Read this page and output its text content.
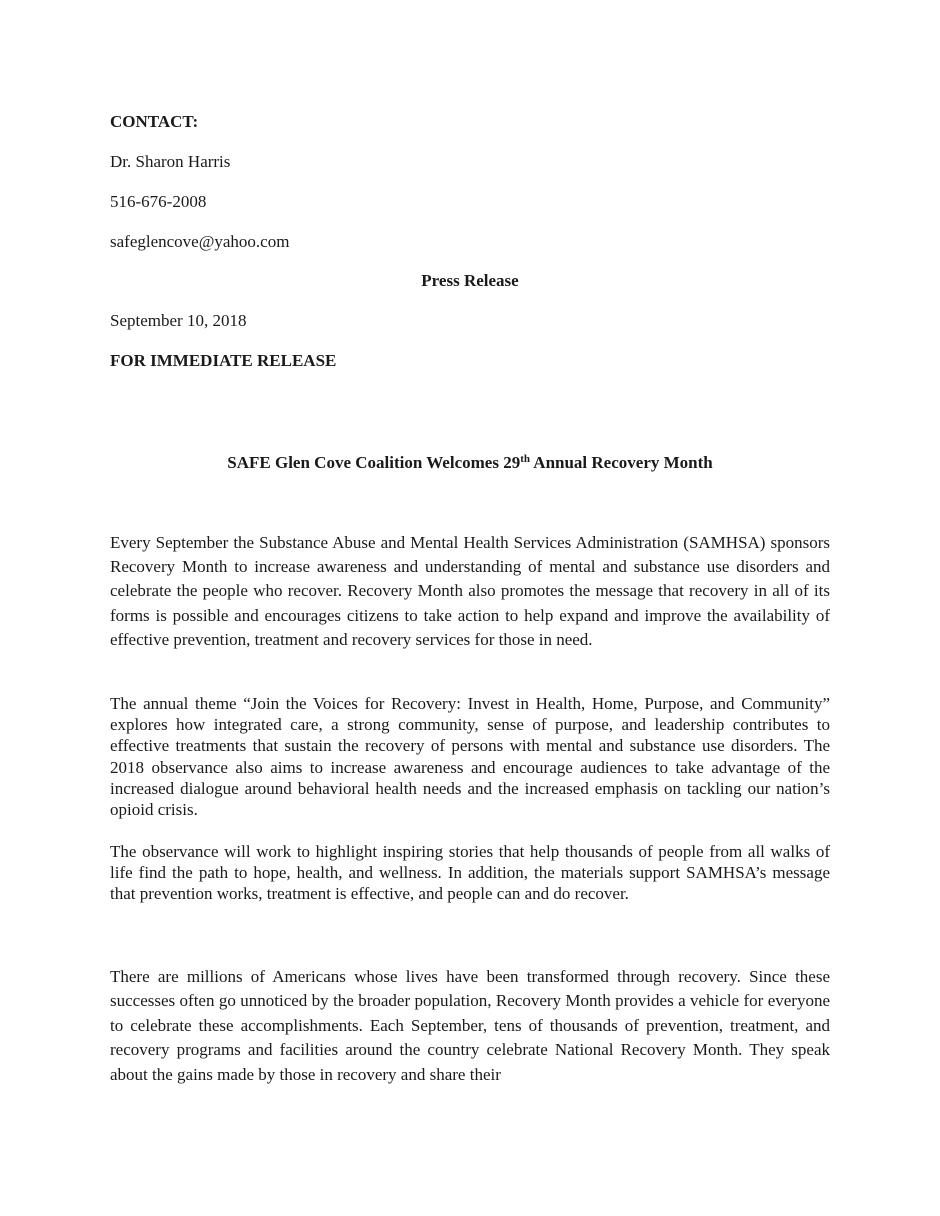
CONTACT:
Dr. Sharon Harris
516-676-2008
safeglencove@yahoo.com
Press Release
September 10, 2018
FOR IMMEDIATE RELEASE
SAFE Glen Cove Coalition Welcomes 29th Annual Recovery Month

Every September the Substance Abuse and Mental Health Services Administration (SAMHSA) sponsors Recovery Month to increase awareness and understanding of mental and substance use disorders and celebrate the people who recover. Recovery Month also promotes the message that recovery in all of its forms is possible and encourages citizens to take action to help expand and improve the availability of effective prevention, treatment and recovery services for those in need.

The annual theme “Join the Voices for Recovery: Invest in Health, Home, Purpose, and Community” explores how integrated care, a strong community, sense of purpose, and leadership contributes to effective treatments that sustain the recovery of persons with mental and substance use disorders. The 2018 observance also aims to increase awareness and encourage audiences to take advantage of the increased dialogue around behavioral health needs and the increased emphasis on tackling our nation’s opioid crisis.

The observance will work to highlight inspiring stories that help thousands of people from all walks of life find the path to hope, health, and wellness. In addition, the materials support SAMHSA’s message that prevention works, treatment is effective, and people can and do recover.

There are millions of Americans whose lives have been transformed through recovery. Since these successes often go unnoticed by the broader population, Recovery Month provides a vehicle for everyone to celebrate these accomplishments. Each September, tens of thousands of prevention, treatment, and recovery programs and facilities around the country celebrate National Recovery Month. They speak about the gains made by those in recovery and share their
